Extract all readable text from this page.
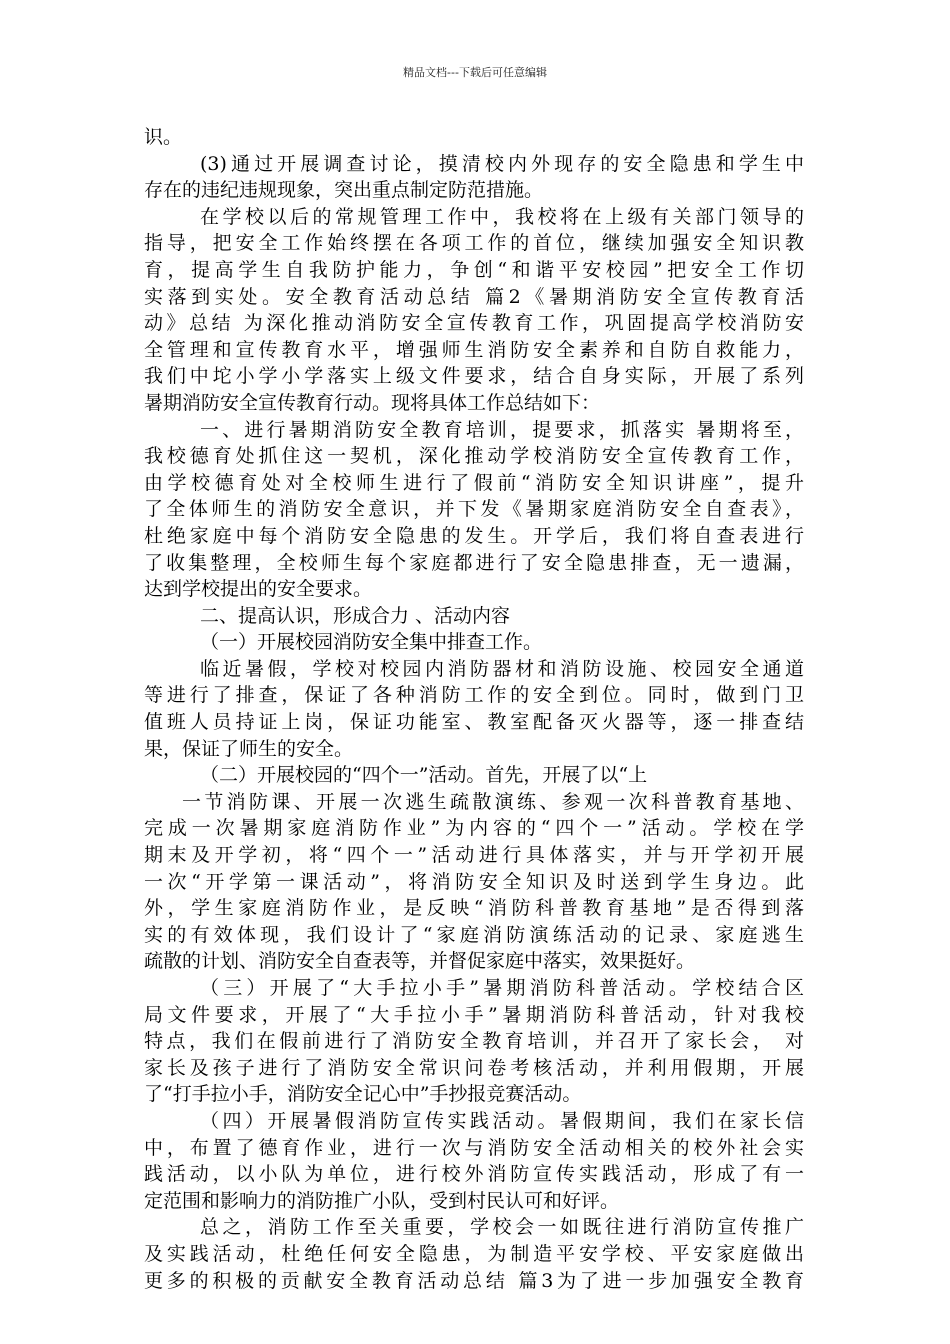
精品文档---下载后可任意编辑
识。
(3)通过开展调查讨论，摸清校内外现存的安全隐患和学生中
存在的违纪违规现象，突出重点制定防范措施。
在学校以后的常规管理工作中，我校将在上级有关部门领导的
指导，把安全工作始终摆在各项工作的首位，继续加强安全知识教
育，提高学生自我防护能力，争创“和谐平安校园”把安全工作切
实落到实处。安全教育活动总结 篇2《暑期消防安全宣传教育活
动》总结 为深化推动消防安全宣传教育工作，巩固提高学校消防安
全管理和宣传教育水平，增强师生消防安全素养和自防自救能力，
我们中坨小学小学落实上级文件要求，结合自身实际，开展了系列
暑期消防安全宣传教育行动。现将具体工作总结如下：
一、进行暑期消防安全教育培训，提要求，抓落实 暑期将至，
我校德育处抓住这一契机，深化推动学校消防安全宣传教育工作，
由学校德育处对全校师生进行了假前“消防安全知识讲座”，提升
了全体师生的消防安全意识，并下发《暑期家庭消防安全自查表》，
杜绝家庭中每个消防安全隐患的发生。开学后，我们将自查表进行
了收集整理，全校师生每个家庭都进行了安全隐患排查，无一遗漏，
达到学校提出的安全要求。
二、提高认识，形成合力 、活动内容
（一）开展校园消防安全集中排查工作。
临近暑假，学校对校园内消防器材和消防设施、校园安全通道
等进行了排查，保证了各种消防工作的安全到位。同时，做到门卫
值班人员持证上岗，保证功能室、教室配备灭火器等，逐一排查结
果，保证了师生的安全。
（二）开展校园的“四个一”活动。首先，开展了以“上
一节消防课、开展一次逃生疏散演练、参观一次科普教育基地、
完成一次暑期家庭消防作业”为内容的“四个一”活动。学校在学
期末及开学初，将“四个一”活动进行具体落实，并与开学初开展
一次“开学第一课活动”，将消防安全知识及时送到学生身边。此
外，学生家庭消防作业，是反映“消防科普教育基地”是否得到落
实的有效体现，我们设计了“家庭消防演练活动的记录、家庭逃生
疏散的计划、消防安全自查表等，并督促家庭中落实，效果挺好。
（三）开展了“大手拉小手”暑期消防科普活动。学校结合区
局文件要求，开展了“大手拉小手”暑期消防科普活动，针对我校
特点，我们在假前进行了消防安全教育培训，并召开了家长会， 对
家长及孩子进行了消防安全常识问卷考核活动，并利用假期，开展
了“打手拉小手，消防安全记心中”手抄报竞赛活动。
（四）开展暑假消防宣传实践活动。暑假期间，我们在家长信
中，布置了德育作业，进行一次与消防安全活动相关的校外社会实
践活动，以小队为单位，进行校外消防宣传实践活动，形成了有一
定范围和影响力的消防推广小队，受到村民认可和好评。
总之，消防工作至关重要，学校会一如既往进行消防宣传推广
及实践活动，杜绝任何安全隐患，为制造平安学校、平安家庭做出
更多的积极的贡献安全教育活动总结 篇3为了进一步加强安全教育
